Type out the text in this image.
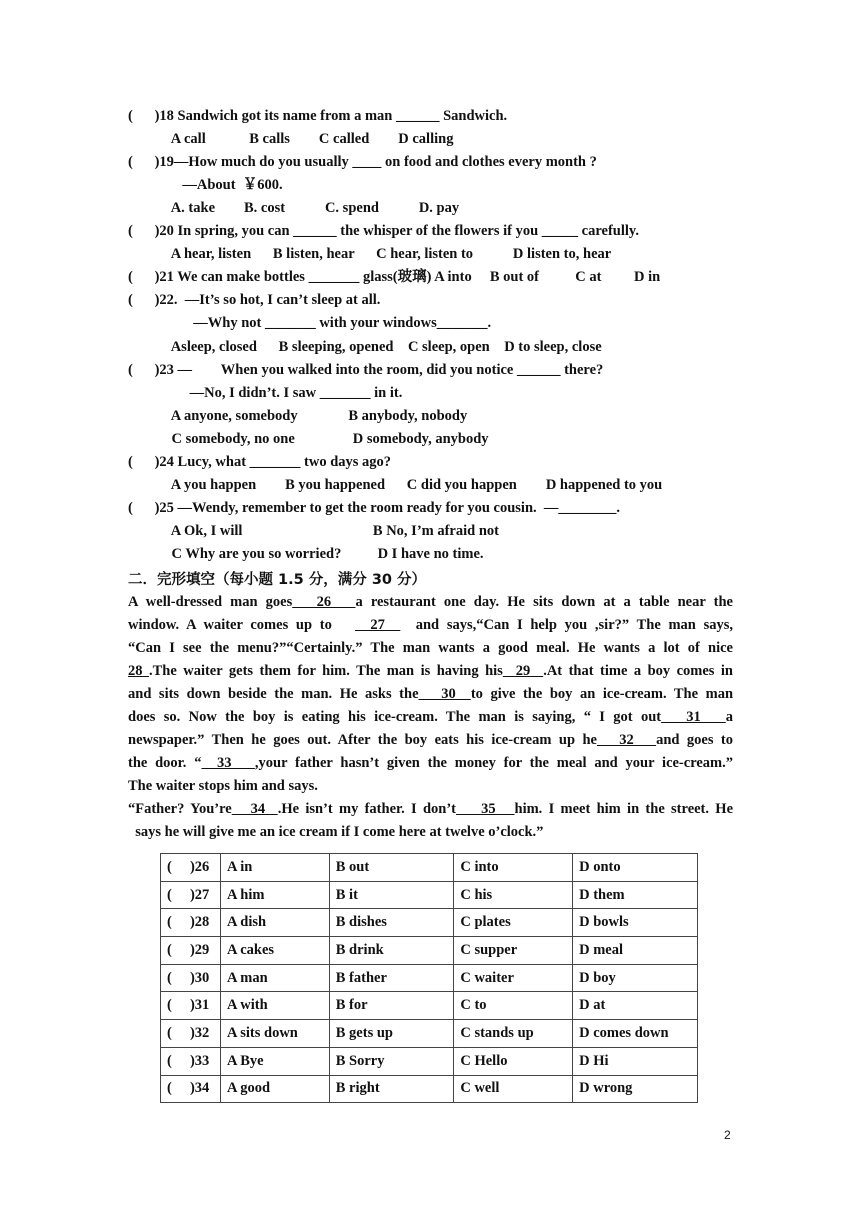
(      )18 Sandwich got its name from a man ______ Sandwich.
A call            B calls        C called        D calling
(      )19—How much do you usually ____ on food and clothes every month ?
—About  ￥600.
A. take        B. cost           C. spend           D. pay
(      )20 In spring, you can ______ the whisper of the flowers if you _____ carefully.
A hear, listen      B listen, hear      C hear, listen to           D listen to, hear
(      )21 We can make bottles _______ glass(玻璃) A into     B out of          C at         D in
(      )22.  —It’s so hot, I can’t sleep at all.
—Why not _______ with your windows_______.
Asleep, closed      B sleeping, opened    C sleep, open    D to sleep, close
(      )23 —        When you walked into the room, did you notice ______ there?
—No, I didn’t. I saw _______ in it.
A anyone, somebody              B anybody, nobody
C somebody, no one                D somebody, anybody
(      )24 Lucy, what _______ two days ago?
A you happen        B you happened      C did you happen        D happened to you
(      )25 —Wendy, remember to get the room ready for you cousin.  —________.
A Ok, I will                                    B No, I’m afraid not
C Why are you so worried?          D I have no time.
二．完形填空（每小题 1.5 分，满分 30 分）
A well-dressed man goes   26   a restaurant one day. He sits down at a table near the
window. A waiter comes up to     27    and says,“Can I help you ,sir?” The man says,
“Can I see the menu?”“Certainly.” The man wants a good meal. He wants a lot of nice
28 .The waiter gets them for him. The man is having his  29  .At that time a boy comes in
and sits down beside the man. He asks the   30  to give the boy an ice-cream. The man
does so. Now the boy is eating his ice-cream. The man is saying, “ I got out   31   a
newspaper.” Then he goes out. After the boy eats his ice-cream up he   32   and goes to
the door. “  33   ,your father hasn’t given the money for the meal and your ice-cream.”
The waiter stops him and says.
“Father? You’re   34  .He isn’t my father. I don’t    35   him. I meet him in the street. He
says he will give me an ice cream if I come here at twelve o’clock.”
(     )26	A in	B out	C into	D onto
(     )27	A him	B it	C his	D them
(     )28	A dish	B dishes	C plates	D bowls
(     )29	A cakes	B drink	C supper	D meal
(     )30	A man	B father	C waiter	D boy
(     )31	A with	B for	C to	D at
(     )32	A sits down	B gets up	C stands up	D comes down
(     )33	A Bye	B Sorry	C Hello	D Hi
(     )34	A good	B right	C well	D wrong
2
